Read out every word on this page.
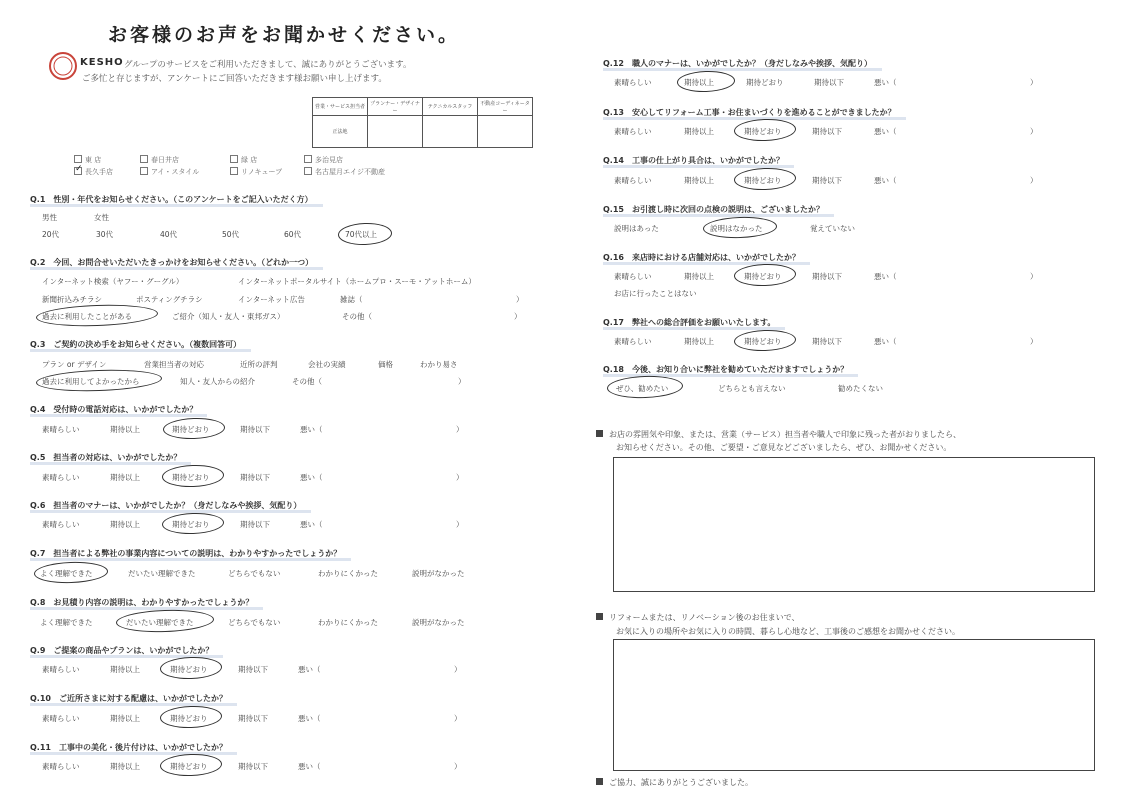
お客様のお声をお聞かせください。
KESHO グループのサービスをご利用いただきまして、誠にありがとうございます。
ご多忙と存じますが、アンケートにご回答いただきます様お願い申し上げます。
営業・サービス担当者	プランナー・デザイナー	テクニカルスタッフ	不動産コーディネーター
正法地			
東 店	春日井店	緑 店	多治見店
✓ 長久手店	アイ・スタイル	リノキューブ	名古屋月エイジ不動産
Q.1　性別・年代をお知らせください。（このアンケートをご記入いただく方）
男性	女性
20代	30代	40代	50代	60代	70代以上
Q.2　今回、お問合せいただいたきっかけをお知らせください。（どれか一つ）
インターネット検索（ヤフー・グーグル）	インターネットポータルサイト（ホームプロ・スーモ・アットホーム）
新聞折込みチラシ	ポスティングチラシ	インターネット広告	雑誌（	）
過去に利用したことがある	ご紹介（知人・友人・東邦ガス）	その他（	）
Q.3　ご契約の決め手をお知らせください。（複数回答可）
プラン or デザイン	営業担当者の対応	近所の評判	会社の実績	価格	わかり易さ
過去に利用してよかったから	知人・友人からの紹介	その他（	）
Q.4　受付時の電話対応は、いかがでしたか？
素晴らしい	期待以上	期待どおり	期待以下	悪い（	）
Q.5　担当者の対応は、いかがでしたか？
素晴らしい	期待以上	期待どおり	期待以下	悪い（	）
Q.6　担当者のマナーは、いかがでしたか？（身だしなみや挨拶、気配り）
素晴らしい	期待以上	期待どおり	期待以下	悪い（	）
Q.7　担当者による弊社の事業内容についての説明は、わかりやすかったでしょうか？
よく理解できた	だいたい理解できた	どちらでもない	わかりにくかった	説明がなかった
Q.8　お見積り内容の説明は、わかりやすかったでしょうか？
よく理解できた	だいたい理解できた	どちらでもない	わかりにくかった	説明がなかった
Q.9　ご提案の商品やプランは、いかがでしたか？
素晴らしい	期待以上	期待どおり	期待以下	悪い（	）
Q.10　ご近所さまに対する配慮は、いかがでしたか？
素晴らしい	期待以上	期待どおり	期待以下	悪い（	）
Q.11　工事中の美化・後片付けは、いかがでしたか？
素晴らしい	期待以上	期待どおり	期待以下	悪い（	）
Q.12　職人のマナーは、いかがでしたか？（身だしなみや挨拶、気配り）
素晴らしい	期待以上	期待どおり	期待以下	悪い（	）
Q.13　安心してリフォーム工事・お住まいづくりを進めることができましたか？
素晴らしい	期待以上	期待どおり	期待以下	悪い（	）
Q.14　工事の仕上がり具合は、いかがでしたか？
素晴らしい	期待以上	期待どおり	期待以下	悪い（	）
Q.15　お引渡し時に次回の点検の説明は、ございましたか？
説明はあった	説明はなかった	覚えていない
Q.16　来店時における店舗対応は、いかがでしたか？
素晴らしい	期待以上	期待どおり	期待以下	悪い（	）
お店に行ったことはない
Q.17　弊社への総合評価をお願いいたします。
素晴らしい	期待以上	期待どおり	期待以下	悪い（	）
Q.18　今後、お知り合いに弊社を勧めていただけますでしょうか？
ぜひ、勧めたい	どちらとも言えない	勧めたくない
お店の雰囲気や印象、または、営業（サービス）担当者や職人で印象に残った者がおりましたら、
お知らせください。その他、ご要望・ご意見などございましたら、ぜひ、お聞かせください。
リフォームまたは、リノベーション後のお住まいで、
お気に入りの場所やお気に入りの時間、暮らし心地など、工事後のご感想をお聞かせください。
ご協力、誠にありがとうございました。
